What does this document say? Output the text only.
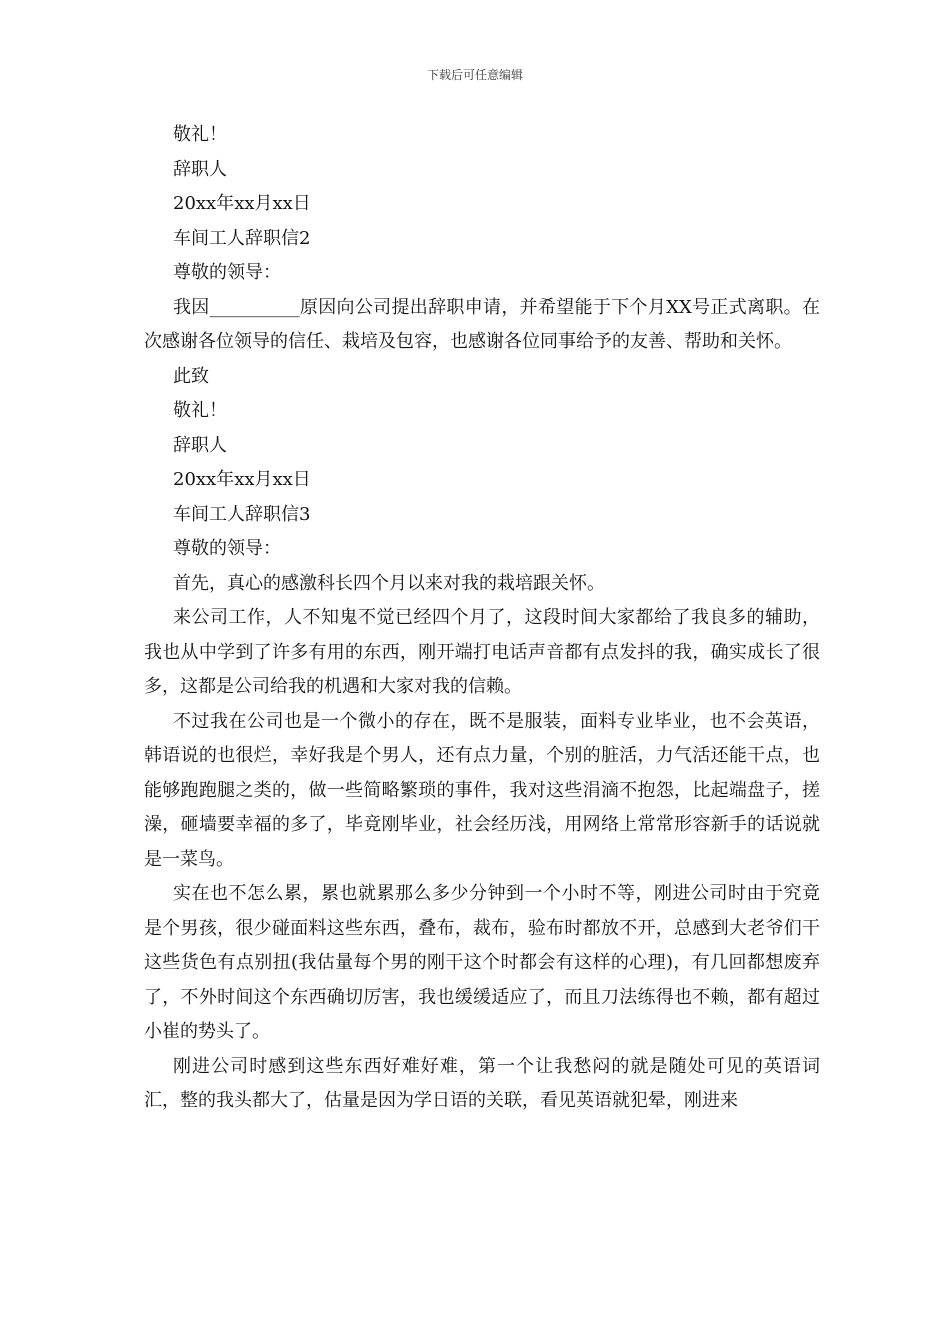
下载后可任意编辑
敬礼！
辞职人
20xx年xx月xx日
车间工人辞职信2
尊敬的领导：
我因__________原因向公司提出辞职申请，并希望能于下个月XX号正式离职。在次感谢各位领导的信任、栽培及包容，也感谢各位同事给予的友善、帮助和关怀。
此致
敬礼！
辞职人
20xx年xx月xx日
车间工人辞职信3
尊敬的领导：
首先，真心的感激科长四个月以来对我的栽培跟关怀。
来公司工作，人不知鬼不觉已经四个月了，这段时间大家都给了我良多的辅助，我也从中学到了许多有用的东西，刚开端打电话声音都有点发抖的我，确实成长了很多，这都是公司给我的机遇和大家对我的信赖。
不过我在公司也是一个微小的存在，既不是服装，面料专业毕业，也不会英语，韩语说的也很烂，幸好我是个男人，还有点力量，个别的脏活，力气活还能干点，也能够跑跑腿之类的，做一些简略繁琐的事件，我对这些涓滴不抱怨，比起端盘子，搓澡，砸墙要幸福的多了，毕竟刚毕业，社会经历浅，用网络上常常形容新手的话说就是一菜鸟。
实在也不怎么累，累也就累那么多少分钟到一个小时不等，刚进公司时由于究竟是个男孩，很少碰面料这些东西，叠布，裁布，验布时都放不开，总感到大老爷们干这些货色有点别扭(我估量每个男的刚干这个时都会有这样的心理)，有几回都想废弃了，不外时间这个东西确切厉害，我也缓缓适应了，而且刀法练得也不赖，都有超过小崔的势头了。
刚进公司时感到这些东西好难好难，第一个让我愁闷的就是随处可见的英语词汇，整的我头都大了，估量是因为学日语的关联，看见英语就犯晕，刚进来
